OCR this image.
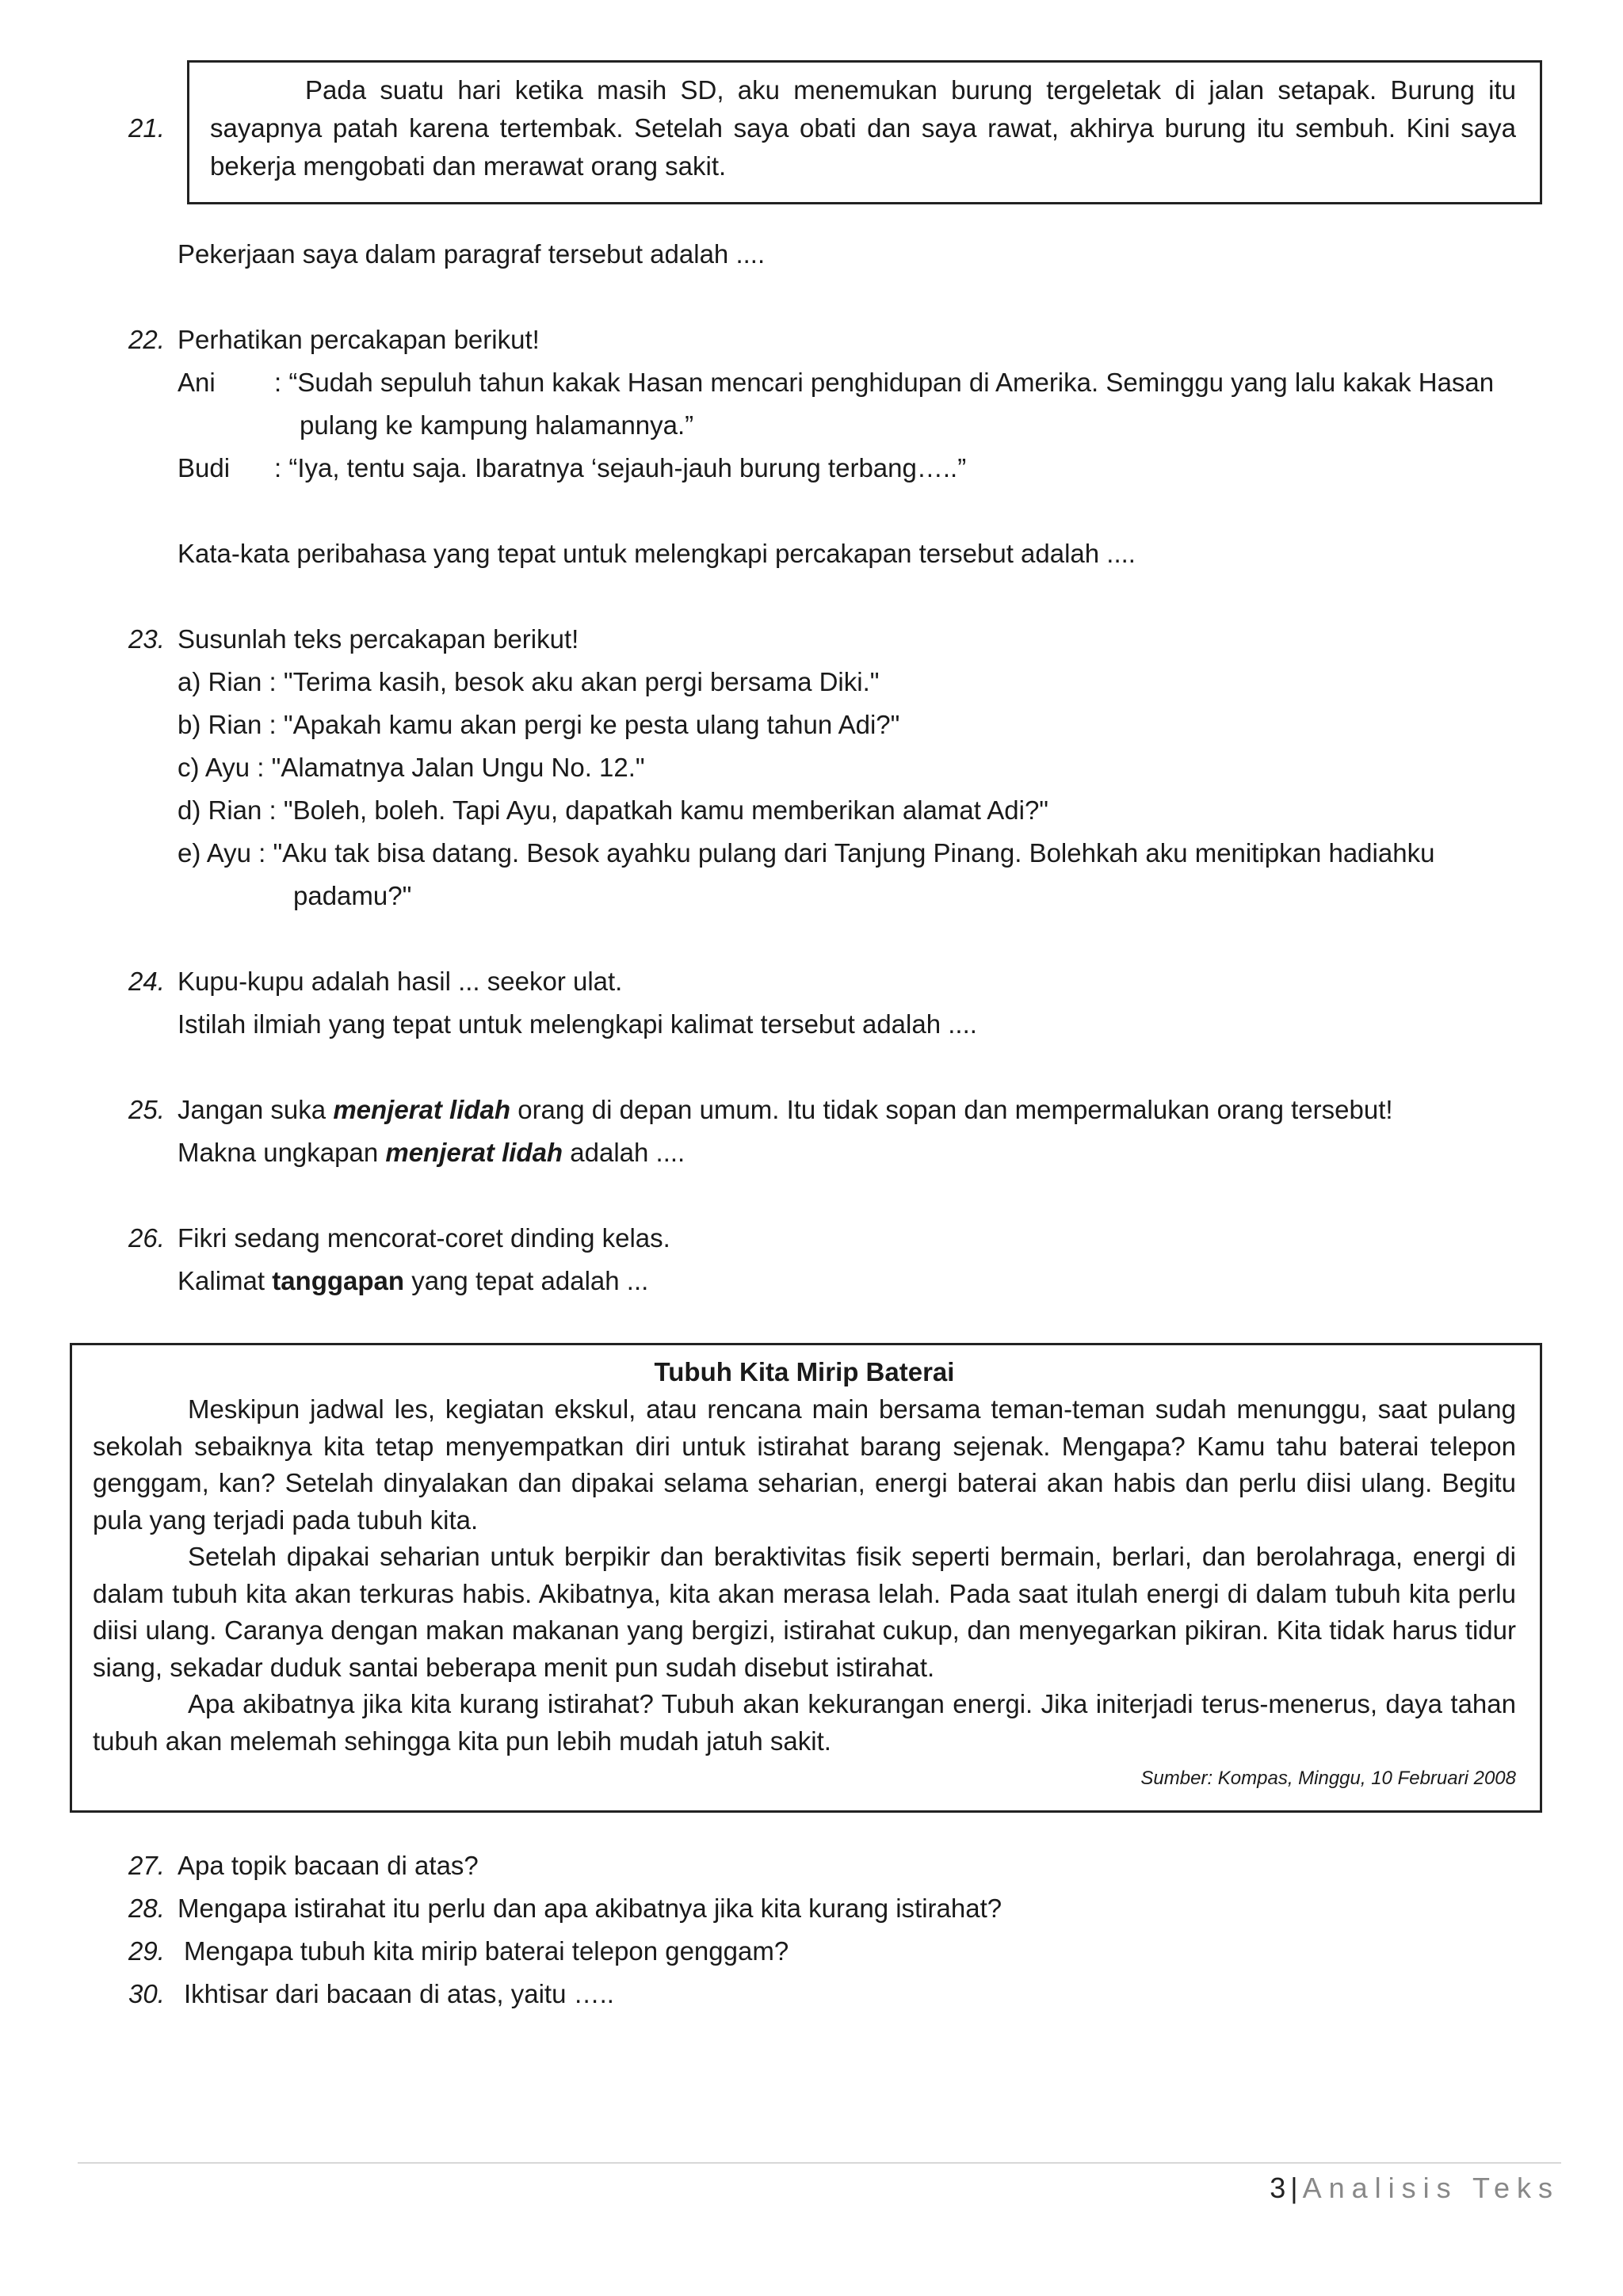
21.

Pada suatu hari ketika masih SD, aku menemukan burung tergeletak di jalan setapak. Burung itu sayapnya patah karena tertembak. Setelah saya obati dan saya rawat, akhirya burung itu sembuh. Kini saya bekerja mengobati dan merawat orang sakit.

Pekerjaan saya dalam paragraf tersebut adalah ....
22. Perhatikan percakapan berikut!
Ani : “Sudah sepuluh tahun kakak Hasan mencari penghidupan di Amerika. Seminggu yang lalu kakak Hasan
pulang ke kampung halamannya.”
Budi : “Iya, tentu saja. Ibaratnya ‘sejauh-jauh burung terbang…..”
Kata-kata peribahasa yang tepat untuk melengkapi percakapan tersebut adalah ....
23. Susunlah teks percakapan berikut!
a) Rian : "Terima kasih, besok aku akan pergi bersama Diki."
b) Rian : "Apakah kamu akan pergi ke pesta ulang tahun Adi?"
c) Ayu : "Alamatnya Jalan Ungu No. 12."
d) Rian : "Boleh, boleh. Tapi Ayu, dapatkah kamu memberikan alamat Adi?"
e) Ayu : "Aku tak bisa datang. Besok ayahku pulang dari Tanjung Pinang. Bolehkah aku menitipkan hadiahku
padamu?"
24. Kupu-kupu adalah hasil ... seekor ulat.
Istilah ilmiah yang tepat untuk melengkapi kalimat tersebut adalah ....
25. Jangan suka menjerat lidah orang di depan umum. Itu tidak sopan dan mempermalukan orang tersebut!
Makna ungkapan menjerat lidah adalah ....
26. Fikri sedang mencorat-coret dinding kelas.
Kalimat tanggapan yang tepat adalah ...
Tubuh Kita Mirip Baterai

Meskipun jadwal les, kegiatan ekskul, atau rencana main bersama teman-teman sudah menunggu, saat pulang sekolah sebaiknya kita tetap menyempatkan diri untuk istirahat barang sejenak. Mengapa? Kamu tahu baterai telepon genggam, kan? Setelah dinyalakan dan dipakai selama seharian, energi baterai akan habis dan perlu diisi ulang. Begitu pula yang terjadi pada tubuh kita.

Setelah dipakai seharian untuk berpikir dan beraktivitas fisik seperti bermain, berlari, dan berolahraga, energi di dalam tubuh kita akan terkuras habis. Akibatnya, kita akan merasa lelah. Pada saat itulah energi di dalam tubuh kita perlu diisi ulang. Caranya dengan makan makanan yang bergizi, istirahat cukup, dan menyegarkan pikiran. Kita tidak harus tidur siang, sekadar duduk santai beberapa menit pun sudah disebut istirahat.

Apa akibatnya jika kita kurang istirahat? Tubuh akan kekurangan energi. Jika initerjadi terus-menerus, daya tahan tubuh akan melemah sehingga kita pun lebih mudah jatuh sakit.

Sumber: Kompas, Minggu, 10 Februari 2008
27. Apa topik bacaan di atas?
28. Mengapa istirahat itu perlu dan apa akibatnya jika kita kurang istirahat?
29. Mengapa tubuh kita mirip baterai telepon genggam?
30. Ikhtisar dari bacaan di atas, yaitu …..
3 | Analisis Teks
